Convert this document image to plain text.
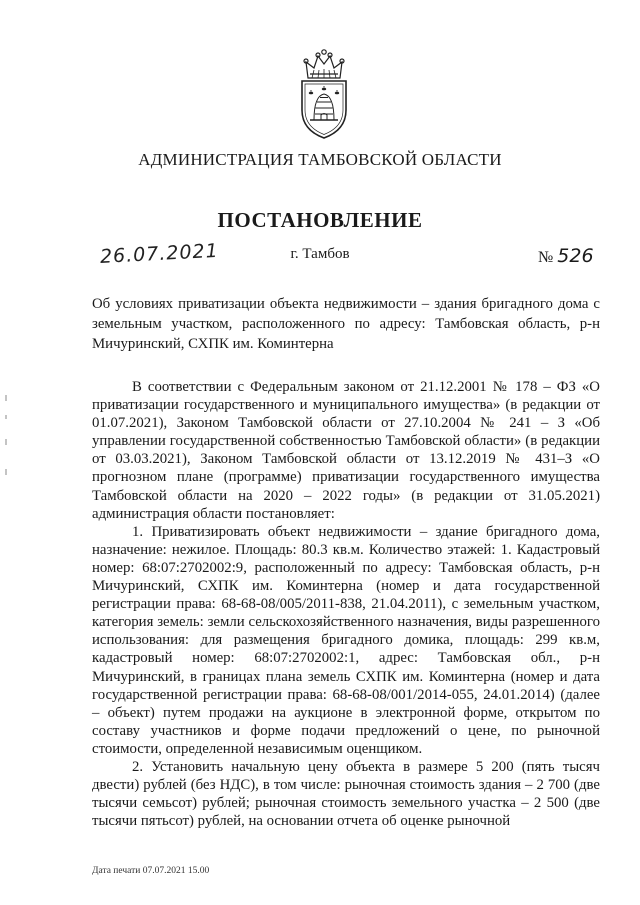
АДМИНИСТРАЦИЯ ТАМБОВСКОЙ ОБЛАСТИ
ПОСТАНОВЛЕНИЕ
26.07.2021	г. Тамбов	№ 526
Об условиях приватизации объекта недвижимости – здания бригадного дома с земельным участком, расположенного по адресу: Тамбовская область, р-н Мичуринский, СХПК им. Коминтерна

В соответствии с Федеральным законом от 21.12.2001 № 178 – ФЗ «О приватизации государственного и муниципального имущества» (в редакции от 01.07.2021), Законом Тамбовской области от 27.10.2004 № 241 – З «Об управлении государственной собственностью Тамбовской области» (в редакции от 03.03.2021), Законом Тамбовской области от 13.12.2019 № 431–З «О прогнозном плане (программе) приватизации государственного имущества Тамбовской области на 2020 – 2022 годы» (в редакции от 31.05.2021) администрация области постановляет:

1. Приватизировать объект недвижимости – здание бригадного дома, назначение: нежилое. Площадь: 80.3 кв.м. Количество этажей: 1. Кадастровый номер: 68:07:2702002:9, расположенный по адресу: Тамбовская область, р-н Мичуринский, СХПК им. Коминтерна (номер и дата государственной регистрации права: 68-68-08/005/2011-838, 21.04.2011), с земельным участком, категория земель: земли сельскохозяйственного назначения, виды разрешенного использования: для размещения бригадного домика, площадь: 299 кв.м, кадастровый номер: 68:07:2702002:1, адрес: Тамбовская обл., р-н Мичуринский, в границах плана земель СХПК им. Коминтерна (номер и дата государственной регистрации права: 68-68-08/001/2014-055, 24.01.2014) (далее – объект) путем продажи на аукционе в электронной форме, открытом по составу участников и форме подачи предложений о цене, по рыночной стоимости, определенной независимым оценщиком.

2. Установить начальную цену объекта в размере 5 200 (пять тысяч двести) рублей (без НДС), в том числе: рыночная стоимость здания – 2 700 (две тысячи семьсот) рублей; рыночная стоимость земельного участка – 2 500 (две тысячи пятьсот) рублей, на основании отчета об оценке рыночной

Дата печати 07.07.2021 15.00
